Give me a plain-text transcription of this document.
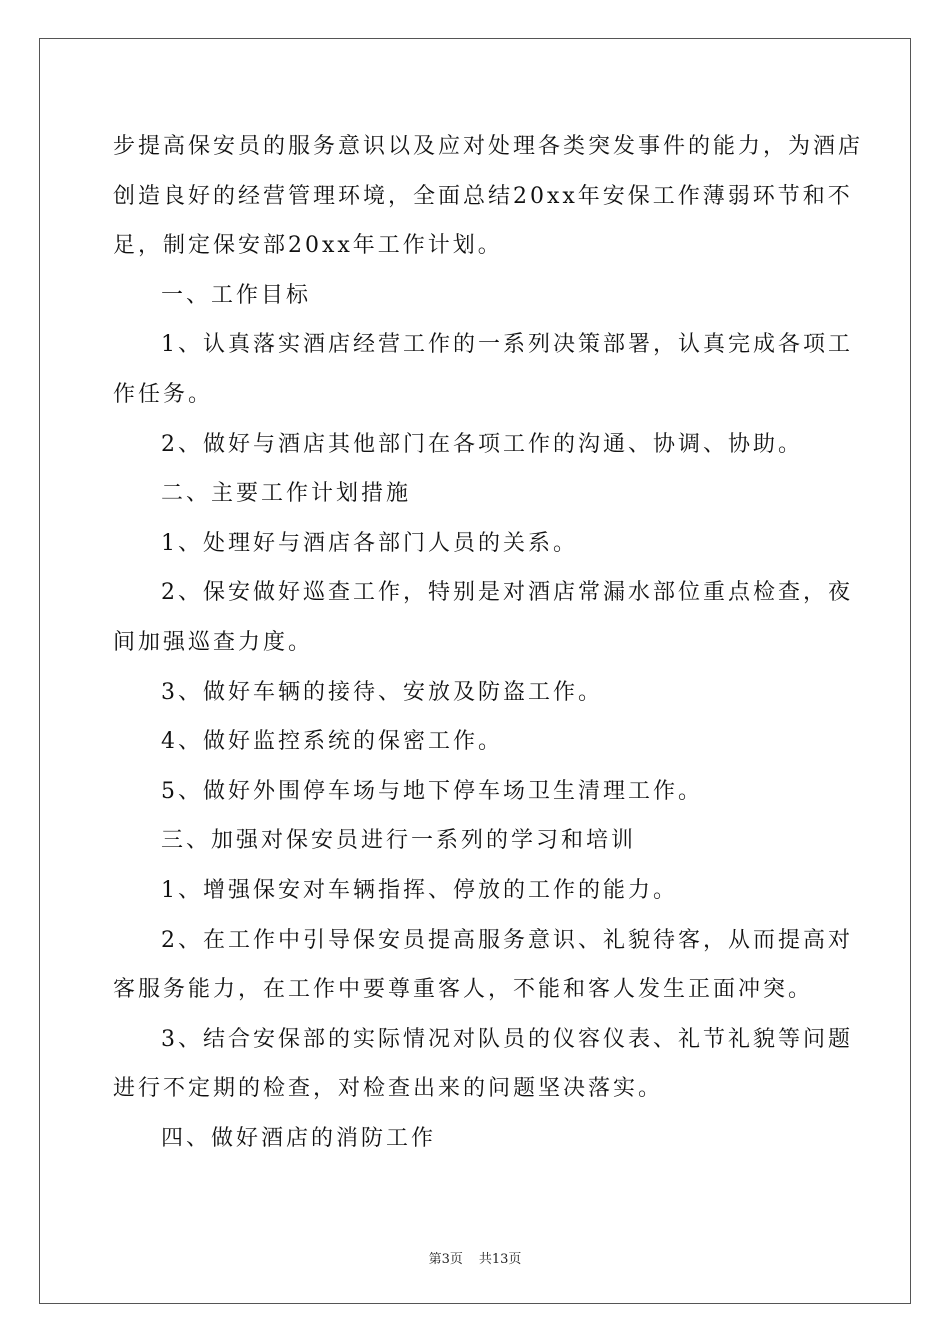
步提高保安员的服务意识以及应对处理各类突发事件的能力，为酒店

创造良好的经营管理环境，全面总结20xx年安保工作薄弱环节和不

足，制定保安部20xx年工作计划。

一、工作目标

1、认真落实酒店经营工作的一系列决策部署，认真完成各项工

作任务。

2、做好与酒店其他部门在各项工作的沟通、协调、协助。

二、主要工作计划措施

1、处理好与酒店各部门人员的关系。

2、保安做好巡查工作，特别是对酒店常漏水部位重点检查，夜

间加强巡查力度。

3、做好车辆的接待、安放及防盗工作。

4、做好监控系统的保密工作。

5、做好外围停车场与地下停车场卫生清理工作。

三、加强对保安员进行一系列的学习和培训

1、增强保安对车辆指挥、停放的工作的能力。

2、在工作中引导保安员提高服务意识、礼貌待客，从而提高对

客服务能力，在工作中要尊重客人，不能和客人发生正面冲突。

3、结合安保部的实际情况对队员的仪容仪表、礼节礼貌等问题

进行不定期的检查，对检查出来的问题坚决落实。

四、做好酒店的消防工作

第3页 共13页
